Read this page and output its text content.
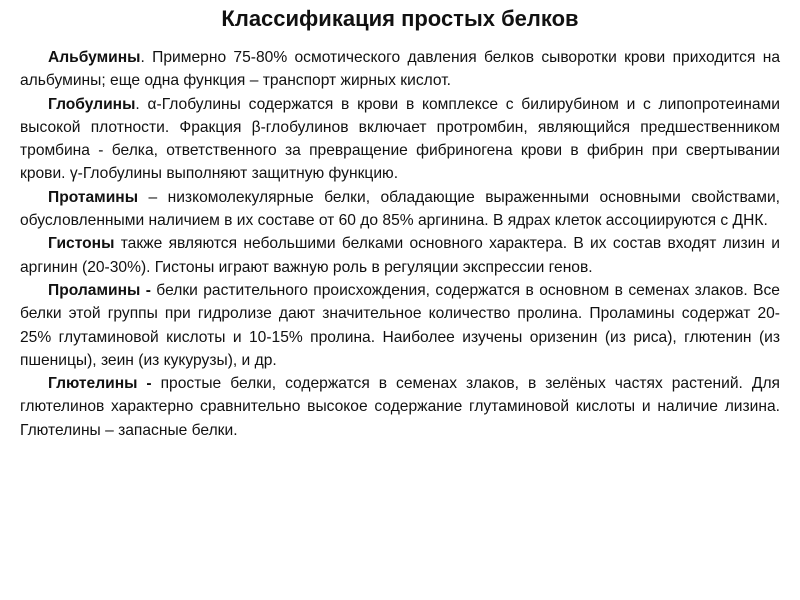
Классификация простых белков

Альбумины. Примерно 75-80% осмотического давления белков сыворотки крови приходится на альбумины; еще одна функция – транспорт жирных кислот.

Глобулины. α-Глобулины содержатся в крови в комплексе с билирубином и с липопротеинами высокой плотности. Фракция β-глобулинов включает протромбин, являющийся предшественником тромбина - белка, ответственного за превращение фибриногена крови в фибрин при свертывании крови. γ-Глобулины выполняют защитную функцию.

Протамины – низкомолекулярные белки, обладающие выраженными основными свойствами, обусловленными наличием в их составе от 60 до 85% аргинина. В ядрах клеток ассоциируются с ДНК.

Гистоны также являются небольшими белками основного характера. В их состав входят лизин и аргинин (20-30%). Гистоны играют важную роль в регуляции экспрессии генов.

Проламины - белки растительного происхождения, содержатся в основном в семенах злаков. Все белки этой группы при гидролизе дают значительное количество пролина. Проламины содержат 20-25% глутаминовой кислоты и 10-15% пролина. Наиболее изучены оризенин (из риса), глютенин (из пшеницы), зеин (из кукурузы), и др.

Глютелины - простые белки, содержатся в семенах злаков, в зелёных частях растений. Для глютелинов характерно сравнительно высокое содержание глутаминовой кислоты и наличие лизина. Глютелины – запасные белки.
